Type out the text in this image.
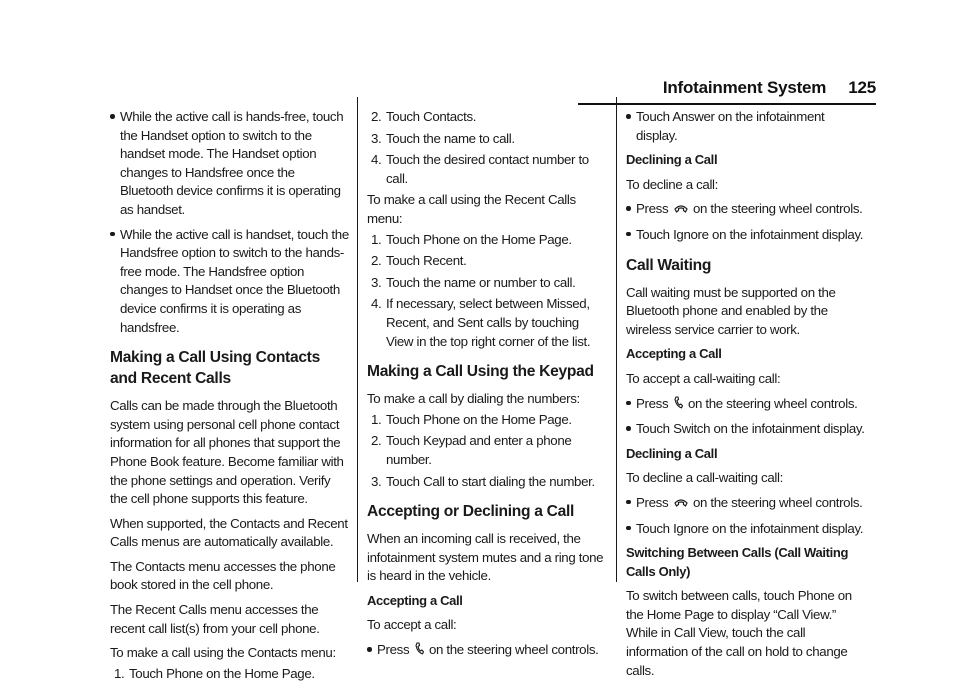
Infotainment System 125
While the active call is hands-free, touch the Handset option to switch to the handset mode. The Handset option changes to Handsfree once the Bluetooth device confirms it is operating as handset.
While the active call is handset, touch the Handsfree option to switch to the hands-free mode. The Handsfree option changes to Handset once the Bluetooth device confirms it is operating as handsfree.
Making a Call Using Contacts and Recent Calls

Calls can be made through the Bluetooth system using personal cell phone contact information for all phones that support the Phone Book feature. Become familiar with the phone settings and operation. Verify the cell phone supports this feature.

When supported, the Contacts and Recent Calls menus are automatically available.

The Contacts menu accesses the phone book stored in the cell phone.

The Recent Calls menu accesses the recent call list(s) from your cell phone.

To make a call using the Contacts menu:

1. Touch Phone on the Home Page.
2. Touch Contacts.
3. Touch the name to call.
4. Touch the desired contact number to call.

To make a call using the Recent Calls menu:

1. Touch Phone on the Home Page.
2. Touch Recent.
3. Touch the name or number to call.
4. If necessary, select between Missed, Recent, and Sent calls by touching View in the top right corner of the list.
Making a Call Using the Keypad

To make a call by dialing the numbers:

1. Touch Phone on the Home Page.
2. Touch Keypad and enter a phone number.
3. Touch Call to start dialing the number.
Accepting or Declining a Call

When an incoming call is received, the infotainment system mutes and a ring tone is heard in the vehicle.

Accepting a Call

To accept a call:

Press on the steering wheel controls.
Touch Answer on the infotainment display.
Declining a Call

To decline a call:

Press on the steering wheel controls.
Touch Ignore on the infotainment display.
Call Waiting

Call waiting must be supported on the Bluetooth phone and enabled by the wireless service carrier to work.

Accepting a Call

To accept a call-waiting call:

Press on the steering wheel controls.
Touch Switch on the infotainment display.
Declining a Call

To decline a call-waiting call:

Press on the steering wheel controls.
Touch Ignore on the infotainment display.
Switching Between Calls (Call Waiting Calls Only)

To switch between calls, touch Phone on the Home Page to display “Call View.” While in Call View, touch the call information of the call on hold to change calls.
